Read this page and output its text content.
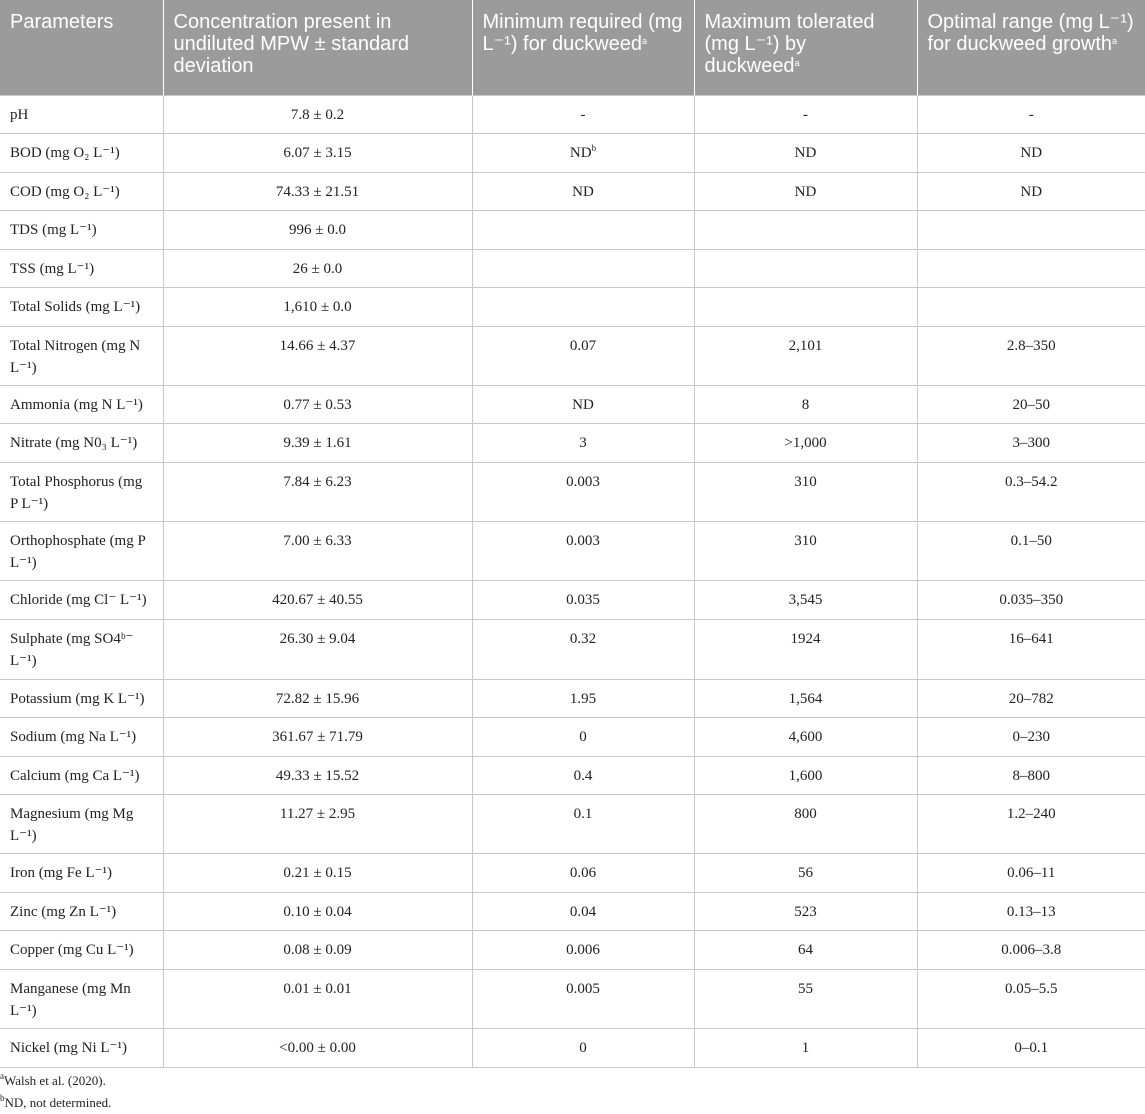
Parameters	Concentration present in undiluted MPW ± standard deviation	Minimum required (mg L⁻¹) for duckweed$^a$	Maximum tolerated (mg L⁻¹) by duckweed$^a$	Optimal range (mg L⁻¹) for duckweed growth$^a$
pH	7.8 ± 0.2	-	-	-
BOD (mg O₂ L⁻¹)	6.07 ± 3.15	$ND^b$	ND	ND
COD (mg O₂ L⁻¹)	74.33 ± 21.51	ND	ND	ND
TDS (mg L⁻¹)	996 ± 0.0			
TSS (mg L⁻¹)	26 ± 0.0			
Total Solids (mg L⁻¹)	1,610 ± 0.0			
Total Nitrogen (mg N L⁻¹)	14.66 ± 4.37	0.07	2,101	2.8–350
Ammonia (mg N L⁻¹)	0.77 ± 0.53	ND	8	20–50
Nitrate (mg N0₃ L⁻¹)	9.39 ± 1.61	3	>1,000	3–300
Total Phosphorus (mg P L⁻¹)	7.84 ± 6.23	0.003	310	0.3–54.2
Orthophosphate (mg P L⁻¹)	7.00 ± 6.33	0.003	310	0.1–50
Chloride (mg Cl⁻ L⁻¹)	420.67 ± 40.55	0.035	3,545	0.035–350
Sulphate (mg SO4ᵇ⁻ L⁻¹)	26.30 ± 9.04	0.32	1924	16–641
Potassium (mg K L⁻¹)	72.82 ± 15.96	1.95	1,564	20–782
Sodium (mg Na L⁻¹)	361.67 ± 71.79	0	4,600	0–230
Calcium (mg Ca L⁻¹)	49.33 ± 15.52	0.4	1,600	8–800
Magnesium (mg Mg L⁻¹)	11.27 ± 2.95	0.1	800	1.2–240
Iron (mg Fe L⁻¹)	0.21 ± 0.15	0.06	56	0.06–11
Zinc (mg Zn L⁻¹)	0.10 ± 0.04	0.04	523	0.13–13
Copper (mg Cu L⁻¹)	0.08 ± 0.09	0.006	64	0.006–3.8
Manganese (mg Mn L⁻¹)	0.01 ± 0.01	0.005	55	0.05–5.5
Nickel (mg Ni L⁻¹)	<0.00 ± 0.00	0	1	0–0.1
$^a$Walsh et al. (2020).
$^b$ND, not determined.
